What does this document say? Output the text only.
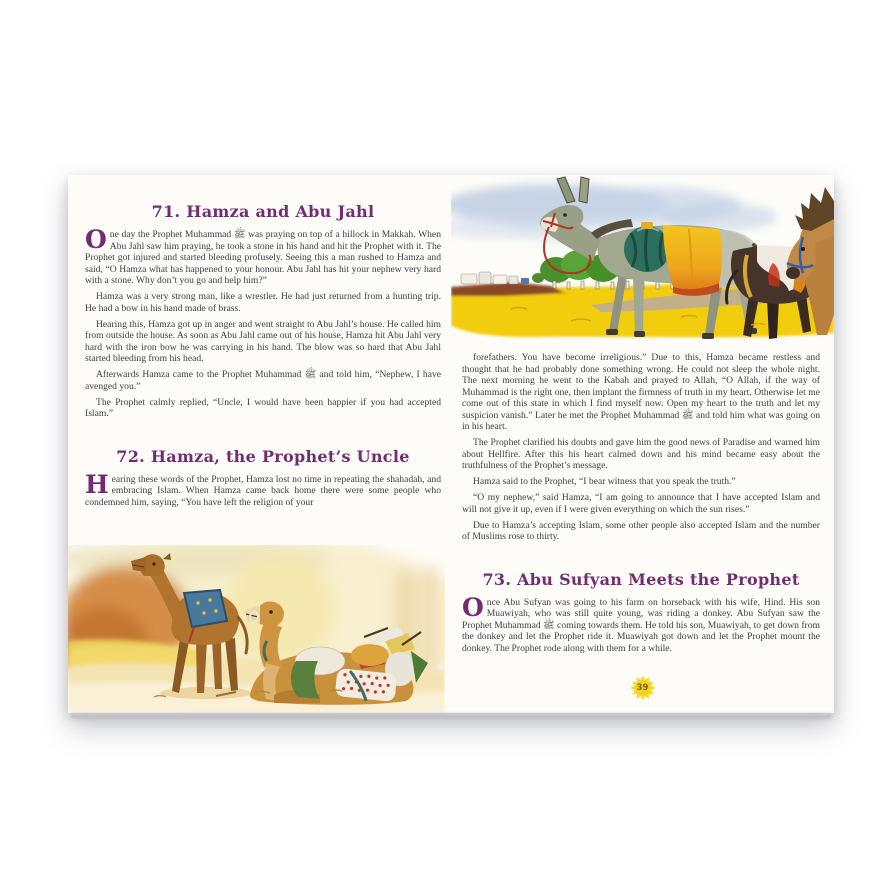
71. Hamza and Abu Jahl

One day the Prophet Muhammad ﷺ was praying on top of a hillock in Makkah. When Abu Jahl saw him praying, he took a stone in his hand and hit the Prophet with it. The Prophet got injured and started bleeding profusely. Seeing this a man rushed to Hamza and said, “O Hamza what has happened to your honour. Abu Jahl has hit your nephew very hard with a stone. Why don’t you go and help him?”

Hamza was a very strong man, like a wrestler. He had just returned from a hunting trip. He had a bow in his hand made of brass.

Hearing this, Hamza got up in anger and went straight to Abu Jahl’s house. He called him from outside the house. As soon as Abu Jahl came out of his house, Hamza hit Abu Jahl very hard with the iron bow he was carrying in his hand. The blow was so hard that Abu Jahl started bleeding from his head.

Afterwards Hamza came to the Prophet Muhammad ﷺ and told him, “Nephew, I have avenged you.”

The Prophet calmly replied, “Uncle, I would have been happier if you had accepted Islam.”

72. Hamza, the Prophet’s Uncle

Hearing these words of the Prophet, Hamza lost no time in repeating the shahadah, and embracing Islam. When Hamza came back home there were some people who condemned him, saying, “You have left the religion of your

forefathers. You have become irreligious.” Due to this, Hamza became restless and thought that he had probably done something wrong. He could not sleep the whole night. The next morning he went to the Kabah and prayed to Allah, “O Allah, if the way of Muhammad is the right one, then implant the firmness of truth in my heart. Otherwise let me come out of this state in which I find myself now. Open my heart to the truth and let my suspicion vanish.” Later he met the Prophet Muhammad ﷺ and told him what was going on in his heart.

The Prophet clarified his doubts and gave him the good news of Paradise and warned him about Hellfire. After this his heart calmed down and his mind became easy about the truthfulness of the Prophet’s message.

Hamza said to the Prophet, “I bear witness that you speak the truth.”

“O my nephew,” said Hamza, “I am going to announce that I have accepted Islam and will not give it up, even if I were given everything on which the sun rises.”

Due to Hamza’s accepting Islam, some other people also accepted Islam and the number of Muslims rose to thirty.

73. Abu Sufyan Meets the Prophet

Once Abu Sufyan was going to his farm on horseback with his wife, Hind. His son Muawiyah, who was still quite young, was riding a donkey. Abu Sufyan saw the Prophet Muhammad ﷺ coming towards them. He told his son, Muawiyah, to get down from the donkey and let the Prophet ride it. Muawiyah got down and let the Prophet mount the donkey. The Prophet rode along with them for a while.

39
